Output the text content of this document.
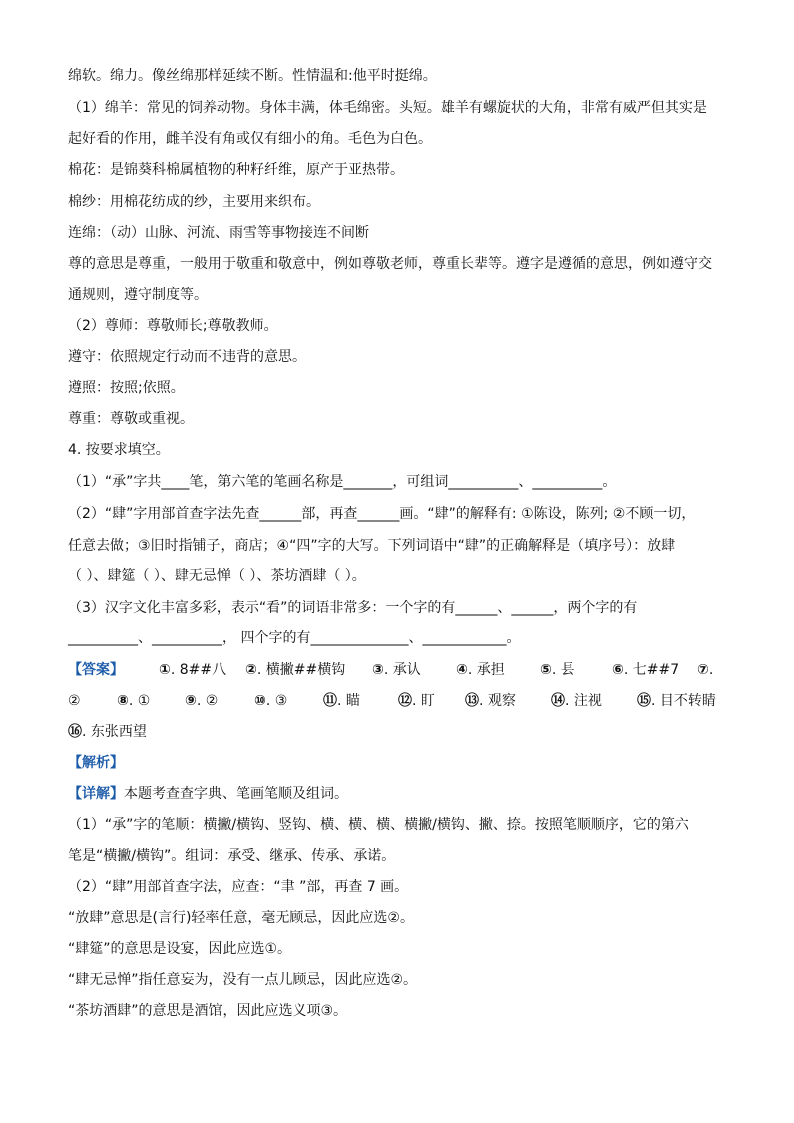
绵软。绵力。像丝绵那样延续不断。性情温和:他平时挺绵。
（1）绵羊：常见的饲养动物。身体丰满，体毛绵密。头短。雄羊有螺旋状的大角，非常有威严但其实是
起好看的作用，雌羊没有角或仅有细小的角。毛色为白色。
棉花：是锦葵科棉属植物的种籽纤维，原产于亚热带。
棉纱：用棉花纺成的纱，主要用来织布。
连绵：（动）山脉、河流、雨雪等事物接连不间断
尊的意思是尊重，一般用于敬重和敬意中，例如尊敬老师，尊重长辈等。遵字是遵循的意思，例如遵守交
通规则，遵守制度等。
（2）尊师：尊敬师长;尊敬教师。
遵守：依照规定行动而不违背的意思。
遵照：按照;依照。
尊重：尊敬或重视。
4. 按要求填空。
（1）“承”字共____笔，第六笔的笔画名称是_______，可组词__________、__________。
（2）“肆”字用部首查字法先查______部，再查______画。“肆”的解释有: ①陈设，陈列; ②不顾一切，
任意去做；③旧时指铺子，商店；④“四”字的大写。下列词语中“肆”的正确解释是（填序号）：放肆
（ ）、肆筵（ ）、肆无忌惮（ ）、茶坊酒肆（ ）。
（3）汉字文化丰富多彩，表示“看”的词语非常多：一个字的有______、______，两个字的有
__________、__________， 四个字的有______________、____________。
【答案】	①. 8##八 ②. 横撇##横钩 ③. 承认	④. 承担	⑤. 镸	⑥. 七##7 ⑦.
②	⑧. ① ⑨. ②	⑩. ③	⑪. 瞄	⑫. 盯 ⑬. 观察	⑭. 注视	⑮. 目不转睛
⑯. 东张西望
【解析】
【详解】本题考查查字典、笔画笔顺及组词。
（1）“承”字的笔顺：横撇/横钩、竖钩、横、横、横、横撇/横钩、撇、捺。按照笔顺顺序，它的第六
笔是“横撇/横钩”。组词：承受、继承、传承、承诺。
（2）“肆”用部首查字法，应查：“聿 ”部，再查 7 画。
“放肆”意思是(言行)轻率任意，毫无顾忌，因此应选②。
“肆筵”的意思是设宴，因此应选①。
“肆无忌惮”指任意妄为，没有一点儿顾忌，因此应选②。
“茶坊酒肆”的意思是酒馆，因此应选义项③。
